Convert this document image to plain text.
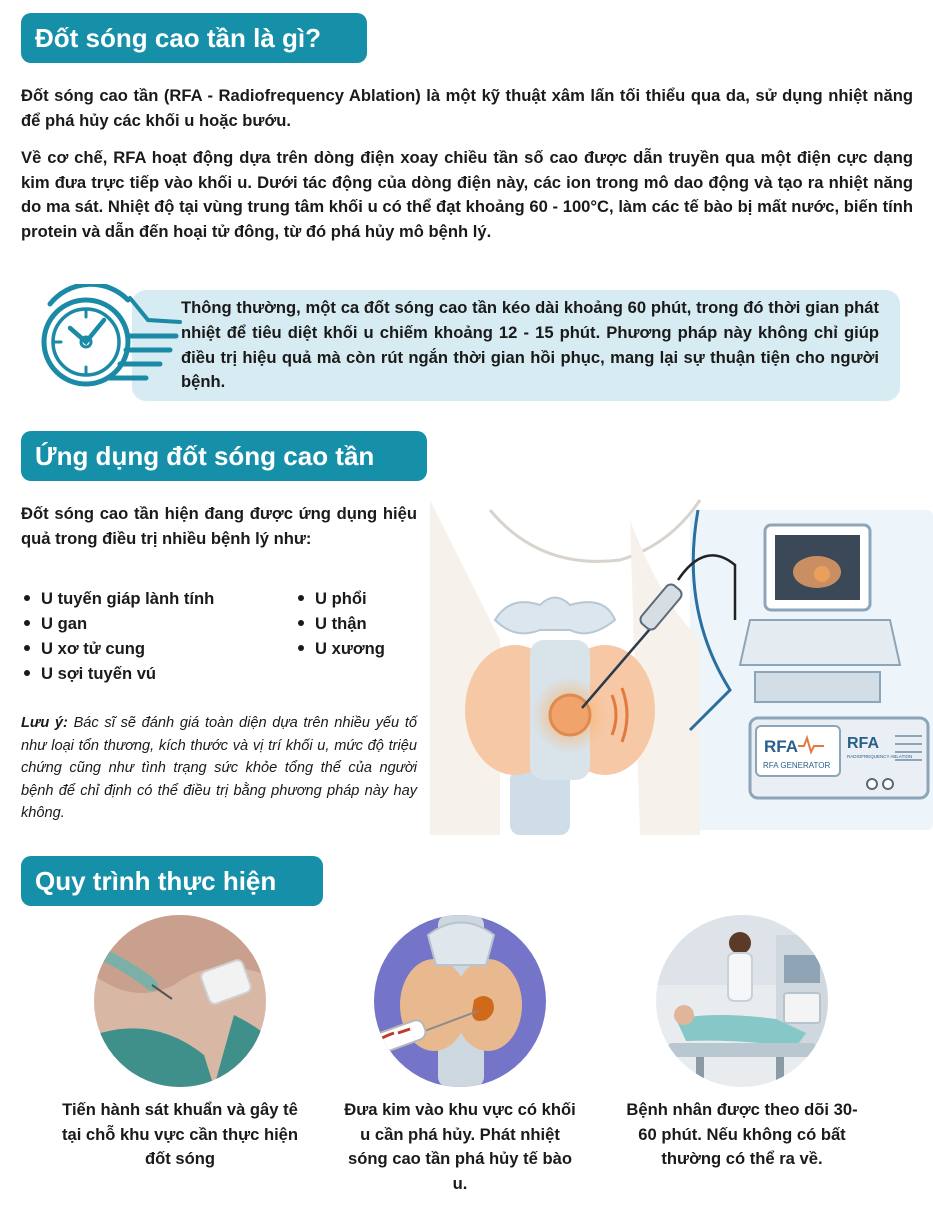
Đốt sóng cao tần là gì?

Đốt sóng cao tần (RFA - Radiofrequency Ablation) là một kỹ thuật xâm lấn tối thiểu qua da, sử dụng nhiệt năng để phá hủy các khối u hoặc bướu.

Về cơ chế, RFA hoạt động dựa trên dòng điện xoay chiều tần số cao được dẫn truyền qua một điện cực dạng kim đưa trực tiếp vào khối u. Dưới tác động của dòng điện này, các ion trong mô dao động và tạo ra nhiệt năng do ma sát. Nhiệt độ tại vùng trung tâm khối u có thể đạt khoảng 60 - 100°C, làm các tế bào bị mất nước, biến tính protein và dẫn đến hoại tử đông, từ đó phá hủy mô bệnh lý.

Thông thường, một ca đốt sóng cao tần kéo dài khoảng 60 phút, trong đó thời gian phát nhiệt để tiêu diệt khối u chiếm khoảng 12 - 15 phút. Phương pháp này không chỉ giúp điều trị hiệu quả mà còn rút ngắn thời gian hồi phục, mang lại sự thuận tiện cho người bệnh.

Ứng dụng đốt sóng cao tần

Đốt sóng cao tần hiện đang được ứng dụng hiệu quả trong điều trị nhiều bệnh lý như:

U tuyến giáp lành tính
U gan
U xơ tử cung
U sợi tuyến vú
U phổi
U thận
U xương

Lưu ý: Bác sĩ sẽ đánh giá toàn diện dựa trên nhiều yếu tố như loại tổn thương, kích thước và vị trí khối u, mức độ triệu chứng cũng như tình trạng sức khỏe tổng thể của người bệnh để chỉ định có thể điều trị bằng phương pháp này hay không.

RFA
RFA GENERATOR
RFA
RADIOFREQUENCY ABLATION
Quy trình thực hiện

Tiến hành sát khuẩn và gây tê tại chỗ khu vực cần thực hiện đốt sóng

Đưa kim vào khu vực có khối u cần phá hủy. Phát nhiệt sóng cao tần phá hủy tế bào u.

Bệnh nhân được theo dõi 30-60 phút. Nếu không có bất thường có thể ra về.
